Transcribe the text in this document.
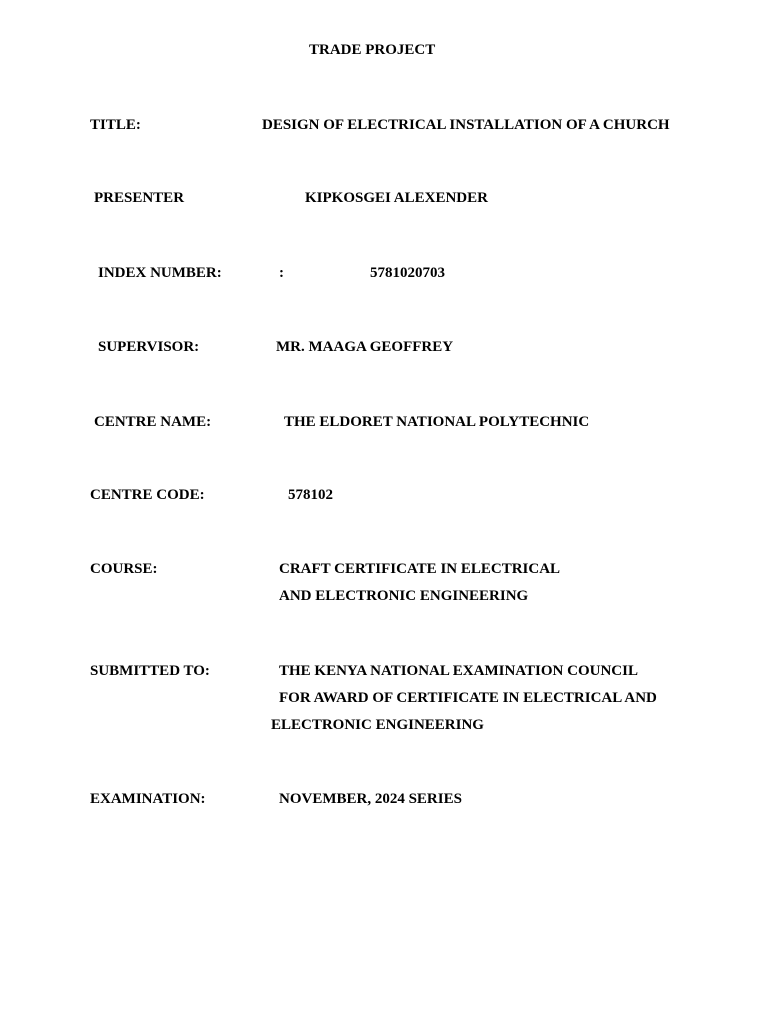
TRADE PROJECT
TITLE:	DESIGN OF ELECTRICAL INSTALLATION OF A CHURCH
PRESENTER	KIPKOSGEI ALEXENDER
INDEX NUMBER:	:	5781020703
SUPERVISOR:	MR. MAAGA GEOFFREY
CENTRE NAME:	THE ELDORET NATIONAL POLYTECHNIC
CENTRE CODE:	578102
COURSE:	CRAFT CERTIFICATE IN ELECTRICAL
AND ELECTRONIC ENGINEERING
SUBMITTED TO:	THE KENYA NATIONAL EXAMINATION COUNCIL
FOR AWARD OF CERTIFICATE IN ELECTRICAL AND
ELECTRONIC ENGINEERING
EXAMINATION:	NOVEMBER, 2024 SERIES
